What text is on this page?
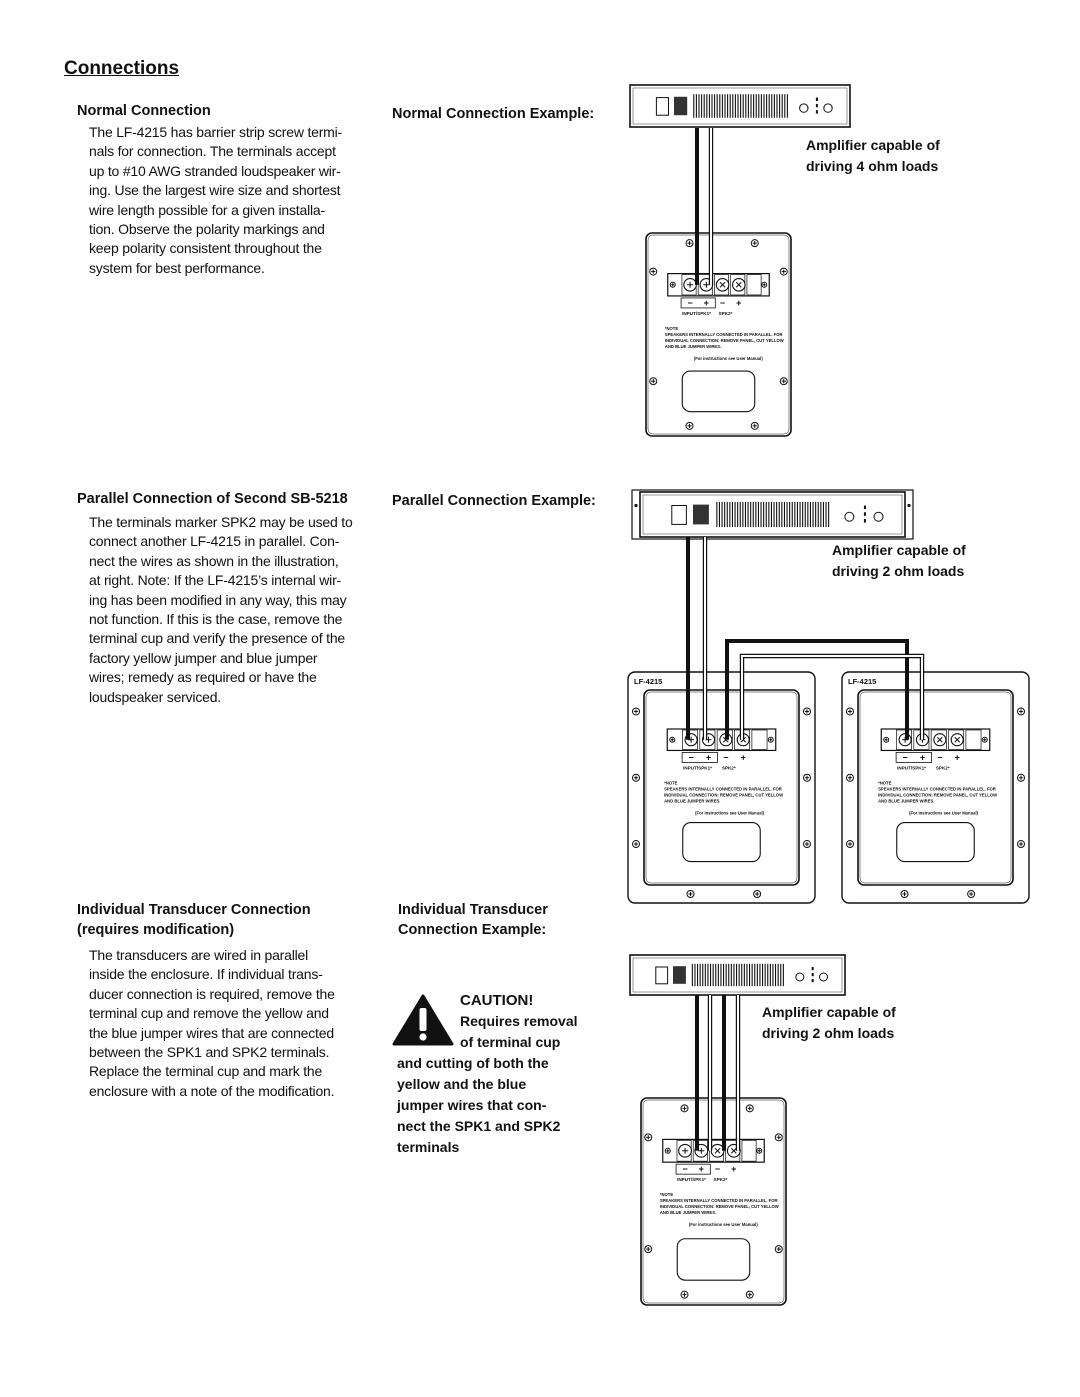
Connections
Normal Connection
The LF-4215 has barrier strip screw termi-
nals for connection. The terminals accept
up to #10 AWG stranded loudspeaker wir-
ing. Use the largest wire size and shortest
wire length possible for a given installa-
tion. Observe the polarity markings and
keep polarity consistent throughout the
system for best performance.
Parallel Connection of Second SB-5218
The terminals marker SPK2 may be used to
connect another LF-4215 in parallel. Con-
nect the wires as shown in the illustration,
at right. Note: If the LF-4215’s internal wir-
ing has been modified in any way, this may
not function. If this is the case, remove the
terminal cup and verify the presence of the
factory yellow jumper and blue jumper
wires; remedy as required or have the
loudspeaker serviced.
Individual Transducer Connection
(requires modification)
The transducers are wired in parallel
inside the enclosure. If individual trans-
ducer connection is required, remove the
terminal cup and remove the yellow and
the blue jumper wires that are connected
between the SPK1 and SPK2 terminals.
Replace the terminal cup and mark the
enclosure with a note of the modification.
Normal Connection Example:
Amplifier capable of
driving 4 ohm loads
Parallel Connection Example:
Amplifier capable of
driving 2 ohm loads
Individual Transducer
Connection Example:
CAUTION!
Requires removal
of terminal cup
and cutting of both the
yellow and the blue
jumper wires that con-
nect the SPK1 and SPK2
terminals
Amplifier capable of
driving 2 ohm loads
− + − +
INPUT/SPK1* SPK2*
*NOTE
SPEAKERS INTERNALLY CONNECTED IN PARALLEL. FOR
INDIVIDUAL CONNECTION: REMOVE PANEL, CUT YELLOW
AND BLUE JUMPER WIRES.
(For instructions see User Manual)
LF-4215
− + − +
INPUT/SPK1* SPK2*
*NOTE
SPEAKERS INTERNALLY CONNECTED IN PARALLEL. FOR
INDIVIDUAL CONNECTION: REMOVE PANEL, CUT YELLOW
AND BLUE JUMPER WIRES.
(For instructions see User Manual)
LF-4215
− + − +
INPUT/SPK1* SPK2*
*NOTE
SPEAKERS INTERNALLY CONNECTED IN PARALLEL. FOR
INDIVIDUAL CONNECTION: REMOVE PANEL, CUT YELLOW
AND BLUE JUMPER WIRES.
(For instructions see User Manual)
− + − +
INPUT/SPK1* SPK2*
*NOTE
SPEAKERS INTERNALLY CONNECTED IN PARALLEL. FOR
INDIVIDUAL CONNECTION: REMOVE PANEL, CUT YELLOW
AND BLUE JUMPER WIRES.
(For instructions see User Manual)
